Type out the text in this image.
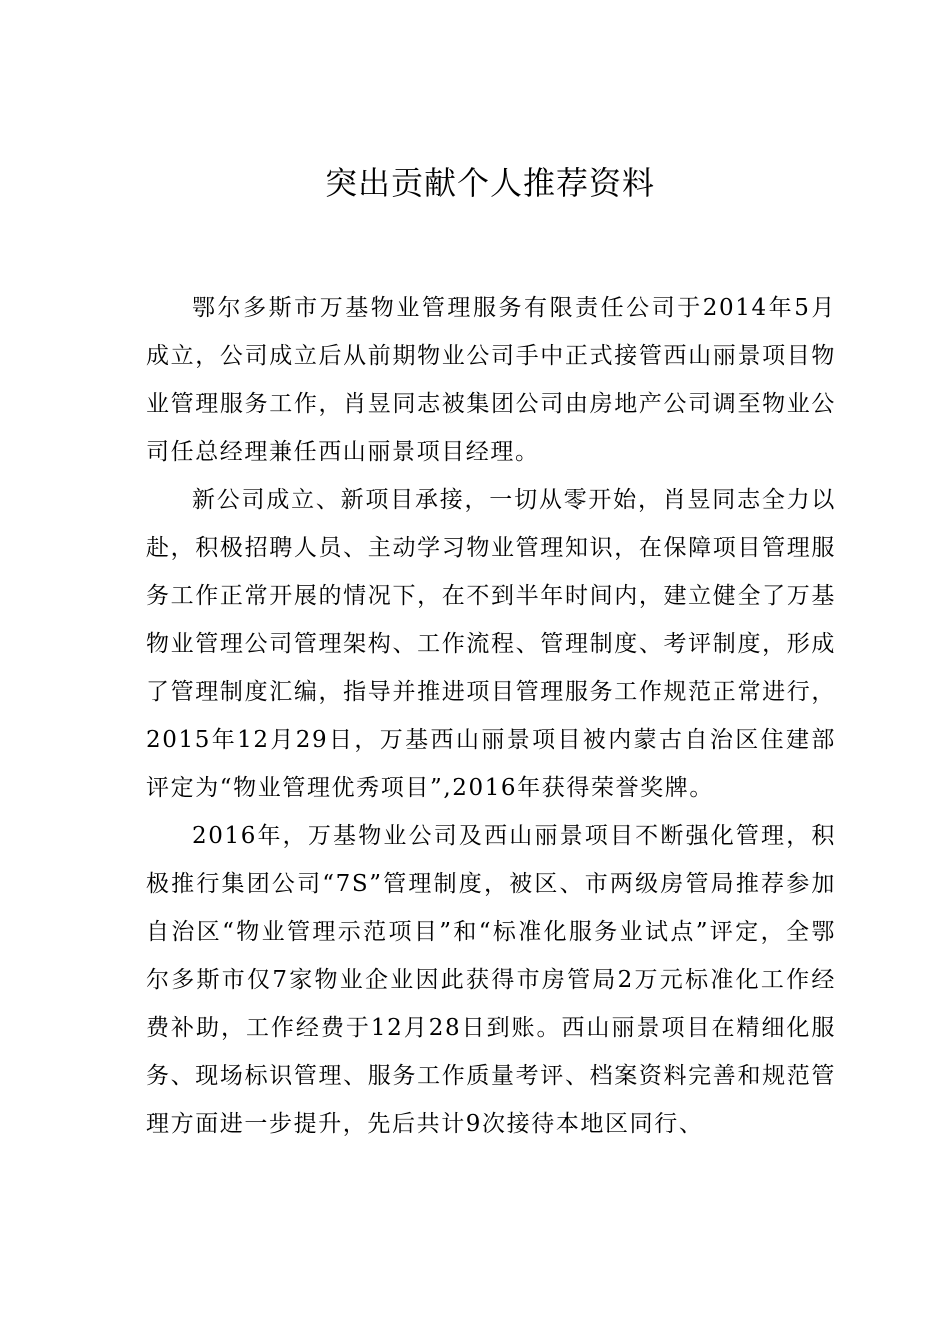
突出贡献个人推荐资料

鄂尔多斯市万基物业管理服务有限责任公司于2014年5月成立，公司成立后从前期物业公司手中正式接管西山丽景项目物业管理服务工作，肖昱同志被集团公司由房地产公司调至物业公司任总经理兼任西山丽景项目经理。

新公司成立、新项目承接，一切从零开始，肖昱同志全力以赴，积极招聘人员、主动学习物业管理知识，在保障项目管理服务工作正常开展的情况下，在不到半年时间内，建立健全了万基物业管理公司管理架构、工作流程、管理制度、考评制度，形成了管理制度汇编，指导并推进项目管理服务工作规范正常进行，2015年12月29日，万基西山丽景项目被内蒙古自治区住建部评定为“物业管理优秀项目”,2016年获得荣誉奖牌。

2016年，万基物业公司及西山丽景项目不断强化管理，积极推行集团公司“7S”管理制度，被区、市两级房管局推荐参加自治区“物业管理示范项目”和“标准化服务业试点”评定，全鄂尔多斯市仅7家物业企业因此获得市房管局2万元标准化工作经费补助，工作经费于12月28日到账。西山丽景项目在精细化服务、现场标识管理、服务工作质量考评、档案资料完善和规范管理方面进一步提升，先后共计9次接待本地区同行、
